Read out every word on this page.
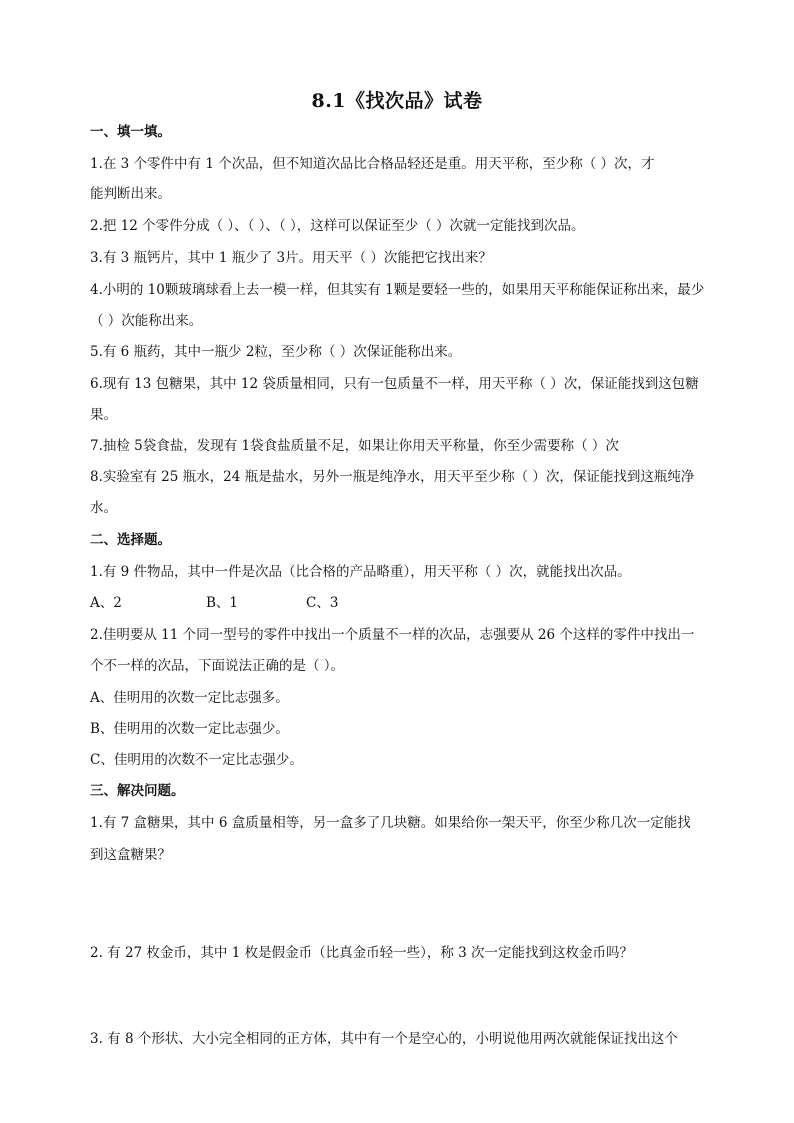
8.1《找次品》试卷
一、填一填。
1.在 3 个零件中有 1 个次品，但不知道次品比合格品轻还是重。用天平称，至少称（ ）次，才
能判断出来。
2.把 12 个零件分成（ ）、（ ）、（ ），这样可以保证至少（ ）次就一定能找到次品。
3.有 3 瓶钙片，其中 1 瓶少了 3片。用天平（ ）次能把它找出来？
4.小明的 10颗玻璃球看上去一模一样，但其实有 1颗是要轻一些的，如果用天平称能保证称出来，最少
（ ）次能称出来。
5.有 6 瓶药，其中一瓶少 2粒，至少称（ ）次保证能称出来。
6.现有 13 包糖果，其中 12 袋质量相同，只有一包质量不一样，用天平称（ ）次，保证能找到这包糖
果。
7.抽检 5袋食盐，发现有 1袋食盐质量不足，如果让你用天平称量，你至少需要称（ ）次
8.实验室有 25 瓶水，24 瓶是盐水，另外一瓶是纯净水，用天平至少称（ ）次，保证能找到这瓶纯净
水。
二、选择题。
1.有 9 件物品，其中一件是次品（比合格的产品略重），用天平称（ ）次，就能找出次品。
A、2	B、1	C、3
2.佳明要从 11 个同一型号的零件中找出一个质量不一样的次品，志强要从 26 个这样的零件中找出一
个不一样的次品，下面说法正确的是（ ）。
A、佳明用的次数一定比志强多。
B、佳明用的次数一定比志强少。
C、佳明用的次数不一定比志强少。
三、解决问题。
1.有 7 盒糖果，其中 6 盒质量相等，另一盒多了几块糖。如果给你一架天平，你至少称几次一定能找
到这盒糖果？
2. 有 27 枚金币，其中 1 枚是假金币（比真金币轻一些），称 3 次一定能找到这枚金币吗？
3. 有 8 个形状、大小完全相同的正方体，其中有一个是空心的，小明说他用两次就能保证找出这个
